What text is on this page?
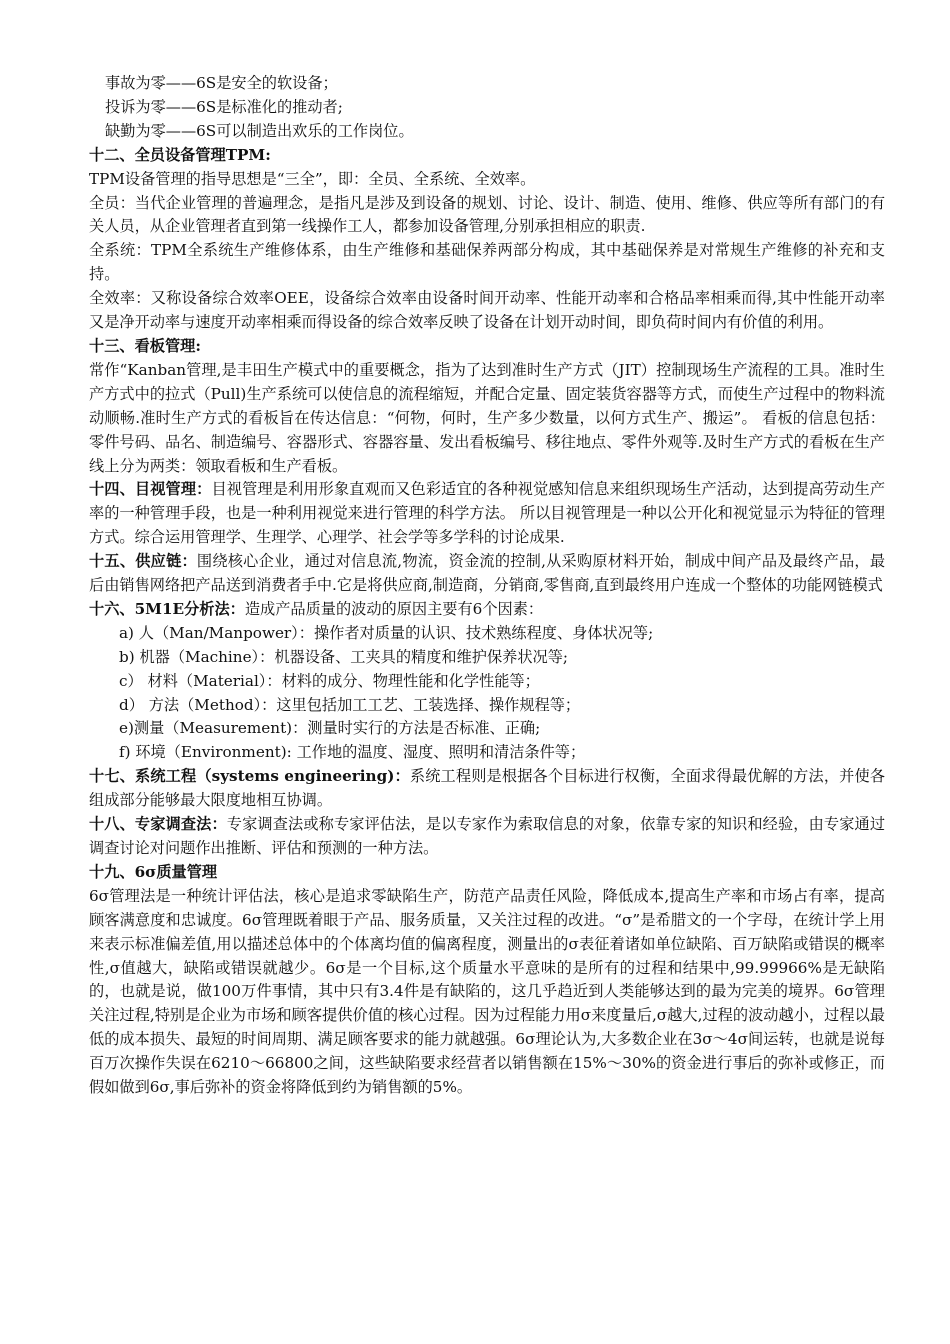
事故为零——6S是安全的软设备；

投诉为零——6S是标准化的推动者;

缺勤为零——6S可以制造出欢乐的工作岗位。

十二、全员设备管理TPM:

TPM设备管理的指导思想是“三全”，即：全员、全系统、全效率。

全员：当代企业管理的普遍理念，是指凡是涉及到设备的规划、讨论、设计、制造、使用、维修、供应等所有部门的有关人员，从企业管理者直到第一线操作工人，都参加设备管理,分别承担相应的职责.

全系统：TPM全系统生产维修体系，由生产维修和基础保养两部分构成，其中基础保养是对常规生产维修的补充和支持。

全效率：又称设备综合效率OEE，设备综合效率由设备时间开动率、性能开动率和合格品率相乘而得,其中性能开动率又是净开动率与速度开动率相乘而得设备的综合效率反映了设备在计划开动时间，即负荷时间内有价值的利用。

十三、看板管理:

常作“Kanban管理,是丰田生产模式中的重要概念，指为了达到准时生产方式（JIT）控制现场生产流程的工具。准时生产方式中的拉式（Pull)生产系统可以使信息的流程缩短，并配合定量、固定装货容器等方式，而使生产过程中的物料流动顺畅.准时生产方式的看板旨在传达信息：“何物，何时，生产多少数量，以何方式生产、搬运”。 看板的信息包括：零件号码、品名、制造编号、容器形式、容器容量、发出看板编号、移往地点、零件外观等.及时生产方式的看板在生产线上分为两类：领取看板和生产看板。

十四、目视管理：目视管理是利用形象直观而又色彩适宜的各种视觉感知信息来组织现场生产活动，达到提高劳动生产率的一种管理手段，也是一种利用视觉来进行管理的科学方法。 所以目视管理是一种以公开化和视觉显示为特征的管理方式。综合运用管理学、生理学、心理学、社会学等多学科的讨论成果.

十五、供应链：围绕核心企业，通过对信息流,物流，资金流的控制,从采购原材料开始，制成中间产品及最终产品，最后由销售网络把产品送到消费者手中.它是将供应商,制造商，分销商,零售商,直到最终用户连成一个整体的功能网链模式

十六、5M1E分析法：造成产品质量的波动的原因主要有6个因素：

a) 人（Man/Manpower）：操作者对质量的认识、技术熟练程度、身体状况等;

b) 机器（Machine）：机器设备、工夹具的精度和维护保养状况等;

c） 材料（Material）：材料的成分、物理性能和化学性能等；

d） 方法（Method）：这里包括加工工艺、工装选择、操作规程等；

e)测量（Measurement)：测量时实行的方法是否标准、正确;

f) 环境（Environment): 工作地的温度、湿度、照明和清洁条件等；

十七、系统工程（systems engineering)：系统工程则是根据各个目标进行权衡，全面求得最优解的方法，并使各组成部分能够最大限度地相互协调。

十八、专家调查法：专家调查法或称专家评估法，是以专家作为索取信息的对象，依靠专家的知识和经验，由专家通过调查讨论对问题作出推断、评估和预测的一种方法。

十九、6σ质量管理

6σ管理法是一种统计评估法，核心是追求零缺陷生产，防范产品责任风险，降低成本,提高生产率和市场占有率，提高顾客满意度和忠诚度。6σ管理既着眼于产品、服务质量，又关注过程的改进。“σ”是希腊文的一个字母，在统计学上用来表示标准偏差值,用以描述总体中的个体离均值的偏离程度，测量出的σ表征着诸如单位缺陷、百万缺陷或错误的概率性,σ值越大，缺陷或错误就越少。6σ是一个目标,这个质量水平意味的是所有的过程和结果中,99.99966%是无缺陷的，也就是说，做100万件事情，其中只有3.4件是有缺陷的，这几乎趋近到人类能够达到的最为完美的境界。6σ管理关注过程,特别是企业为市场和顾客提供价值的核心过程。因为过程能力用σ来度量后,σ越大,过程的波动越小，过程以最低的成本损失、最短的时间周期、满足顾客要求的能力就越强。6σ理论认为,大多数企业在3σ～4σ间运转，也就是说每百万次操作失误在6210～66800之间，这些缺陷要求经营者以销售额在15%～30%的资金进行事后的弥补或修正，而假如做到6σ,事后弥补的资金将降低到约为销售额的5%。
